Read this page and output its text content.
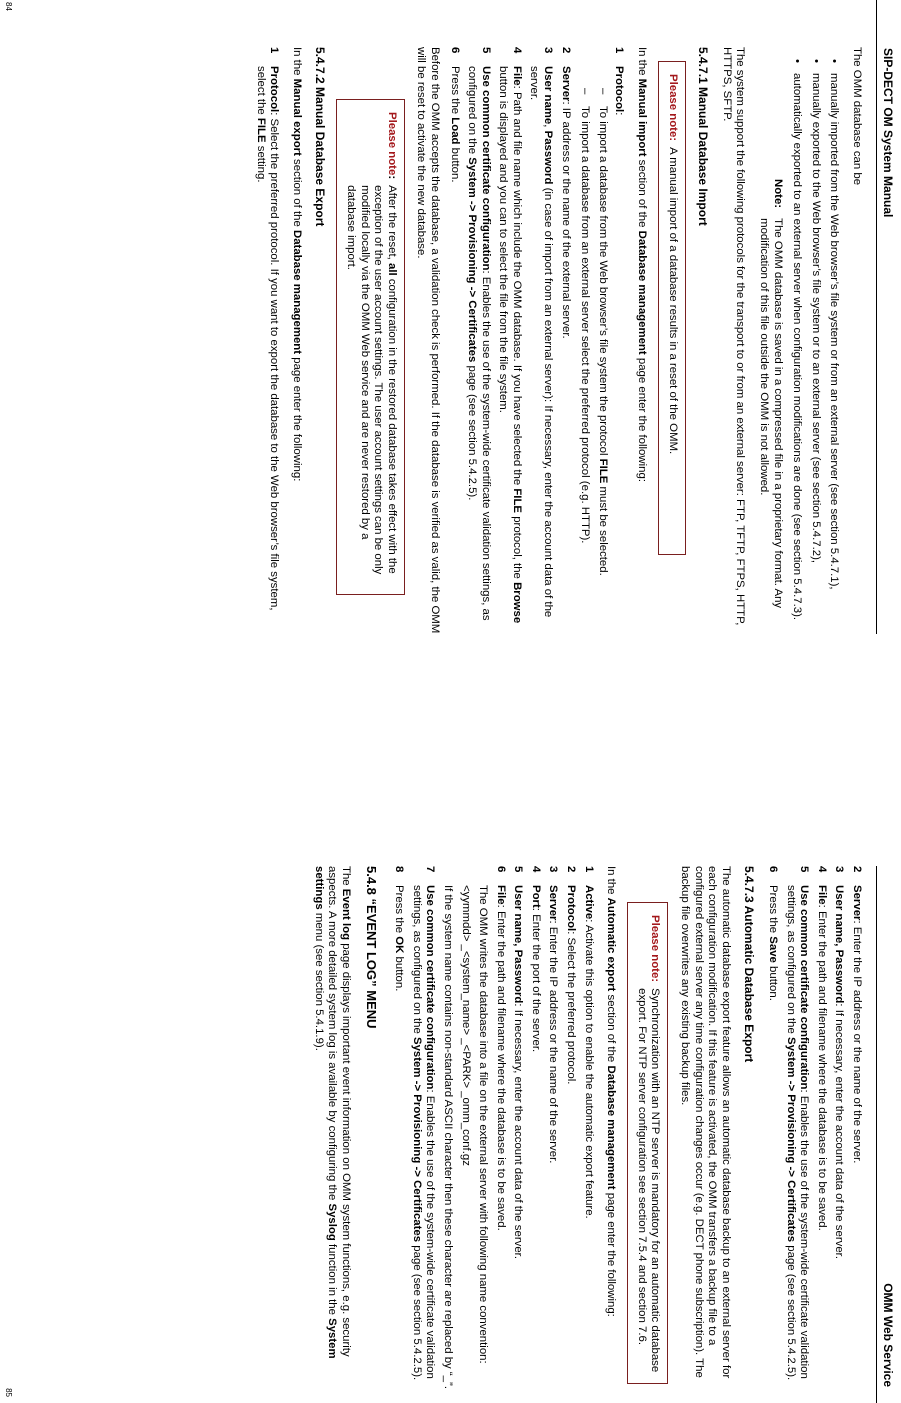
SIP-DECT OM System Manual

The OMM database can be

• manually imported from the Web browser’s file system or from an external server (see section 5.4.7.1),
• manually exported to the Web browser’s file system or to an external server (see section 5.4.7.2),
• automatically exported to an external server when configuration modifications are done (see section 5.4.7.3).
Note:
The OMM database is saved in a compressed file in a proprietary format. Any modification of this file outside the OMM is not allowed.

The system support the following protocols for the transport to or from an external server: FTP, TFTP, FTPS, HTTP, HTTPS, SFTP.

5.4.7.1 Manual Database Import
Please note:
A manual import of a database results in a reset of the OMM.

In the Manual import section of the Database management page enter the following:

1
Protocol:
– To import a database from the Web browser’s file system the protocol FILE must be selected.
– To import a database from an external server select the preferred protocol (e.g. HTTP).
2
Server: IP address or the name of the external server.
3
User name, Password (in case of import from an external server): If necessary, enter the account data of the server.
4
File: Path and file name which include the OMM database. If you have selected the FILE protocol, the Browse button is displayed and you can to select the file from the file system.
5
Use common certificate configuration: Enables the use of the system-wide certificate validation settings, as configured on the System -> Provisioning -> Certificates page (see section 5.4.2.5).
6
Press the Load button.

Before the OMM accepts the database, a validation check is performed. If the database is verified as valid, the OMM will be reset to activate the new database.

Please note:
After the reset, all configuration in the restored database takes effect with the exception of the user account settings. The user account settings can be only modified locally via the OMM Web service and are never restored by a database import.
5.4.7.2 Manual Database Export

In the Manual export section of the Database management page enter the following:

1
Protocol: Select the preferred protocol. If you want to export the database to the Web browser’s file system, select the FILE setting.
84
OMM Web Service
2
Server: Enter the IP address or the name of the server.
3
User name, Password: If necessary, enter the account data of the server.
4
File: Enter the path and filename where the database is to be saved.
5
Use common certificate configuration: Enables the use of the system-wide certificate validation settings, as configured on the System -> Provisioning -> Certificates page (see section 5.4.2.5).
6
Press the Save button.
5.4.7.3 Automatic Database Export

The automatic database export feature allows an automatic database backup to an external server for each configuration modification. If this feature is activated, the OMM transfers a backup file to a configured external server any time configuration changes occur (e.g. DECT phone subscription). The backup file overwrites any existing backup files.

Please note:
Synchronization with an NTP server is mandatory for an automatic database export. For NTP server configuration see section 7.5.4 and section 7.6.

In the Automatic export section of the Database management page enter the following:

1
Active: Activate this option to enable the automatic export feature.
2
Protocol: Select the preferred protocol.
3
Server: Enter the IP address or the name of the server.
4
Port: Enter the port of the server.
5
User name, Password: If necessary, enter the account data of the server.
6
File: Enter the path and filename where the database is to be saved.
The OMM writes the database into a file on the external server with following name convention:
<yymmdd> _<system_name> _<PARK> _omm_conf.gz
If the system name contains non-standard ASCII character then these character are replaced by “_”.
7
Use common certificate configuration: Enables the use of the system-wide certificate validation settings, as configured on the System -> Provisioning -> Certificates page (see section 5.4.2.5).
8
Press the OK button.
5.4.8 “EVENT LOG” MENU

The Event log page displays important event information on OMM system functions, e.g. security aspects. A more detailed system log is available by configuring the Syslog function in the System settings menu (see section 5.4.1.9).

85
